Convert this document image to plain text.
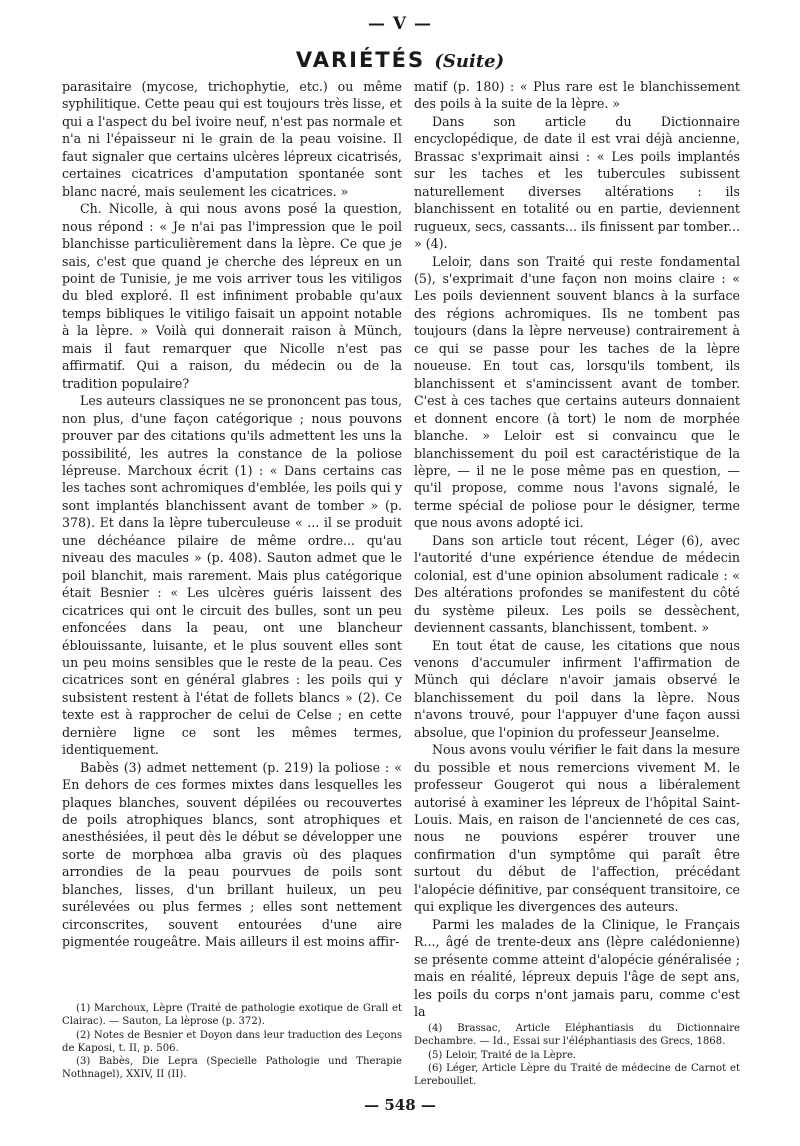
— V —
VARIÉTÉS (Suite)

parasitaire (mycose, trichophytie, etc.) ou même syphilitique. Cette peau qui est toujours très lisse, et qui a l'aspect du bel ivoire neuf, n'est pas normale et n'a ni l'épaisseur ni le grain de la peau voisine. Il faut signaler que certains ulcères lépreux cicatrisés, certaines cicatrices d'amputation spontanée sont blanc nacré, mais seulement les cicatrices. »

Ch. Nicolle, à qui nous avons posé la question, nous répond : « Je n'ai pas l'impression que le poil blanchisse particulièrement dans la lèpre. Ce que je sais, c'est que quand je cherche des lépreux en un point de Tunisie, je me vois arriver tous les vitiligos du bled exploré. Il est infiniment probable qu'aux temps bibliques le vitiligo faisait un appoint notable à la lèpre. » Voilà qui donnerait raison à Münch, mais il faut remarquer que Nicolle n'est pas affirmatif. Qui a raison, du médecin ou de la tradition populaire?

Les auteurs classiques ne se prononcent pas tous, non plus, d'une façon catégorique ; nous pouvons prouver par des citations qu'ils admettent les uns la possibilité, les autres la constance de la poliose lépreuse. Marchoux écrit (1) : « Dans certains cas les taches sont achromiques d'emblée, les poils qui y sont implantés blanchissent avant de tomber » (p. 378). Et dans la lèpre tuberculeuse « ... il se produit une déchéance pilaire de même ordre... qu'au niveau des macules » (p. 408). Sauton admet que le poil blanchit, mais rarement. Mais plus catégorique était Besnier : « Les ulcères guéris laissent des cicatrices qui ont le circuit des bulles, sont un peu enfoncées dans la peau, ont une blancheur éblouissante, luisante, et le plus souvent elles sont un peu moins sensibles que le reste de la peau. Ces cicatrices sont en général glabres : les poils qui y subsistent restent à l'état de follets blancs » (2). Ce texte est à rapprocher de celui de Celse ; en cette dernière ligne ce sont les mêmes termes, identiquement.

Babès (3) admet nettement (p. 219) la poliose : « En dehors de ces formes mixtes dans lesquelles les plaques blanches, souvent dépilées ou recouvertes de poils atrophiques blancs, sont atrophiques et anesthésiées, il peut dès le début se développer une sorte de morphœa alba gravis où des plaques arrondies de la peau pourvues de poils sont blanches, lisses, d'un brillant huileux, un peu surélevées ou plus fermes ; elles sont nettement circonscrites, souvent entourées d'une aire pigmentée rougeâtre. Mais ailleurs il est moins affir-

matif (p. 180) : « Plus rare est le blanchissement des poils à la suite de la lèpre. »

Dans son article du Dictionnaire encyclopédique, de date il est vrai déjà ancienne, Brassac s'exprimait ainsi : « Les poils implantés sur les taches et les tubercules subissent naturellement diverses altérations : ils blanchissent en totalité ou en partie, deviennent rugueux, secs, cassants... ils finissent par tomber... » (4).

Leloir, dans son Traité qui reste fondamental (5), s'exprimait d'une façon non moins claire : « Les poils deviennent souvent blancs à la surface des régions achromiques. Ils ne tombent pas toujours (dans la lèpre nerveuse) contrairement à ce qui se passe pour les taches de la lèpre noueuse. En tout cas, lorsqu'ils tombent, ils blanchissent et s'amincissent avant de tomber. C'est à ces taches que certains auteurs donnaient et donnent encore (à tort) le nom de morphée blanche. » Leloir est si convaincu que le blanchissement du poil est caractéristique de la lèpre, — il ne le pose même pas en question, — qu'il propose, comme nous l'avons signalé, le terme spécial de poliose pour le désigner, terme que nous avons adopté ici.

Dans son article tout récent, Léger (6), avec l'autorité d'une expérience étendue de médecin colonial, est d'une opinion absolument radicale : « Des altérations profondes se manifestent du côté du système pileux. Les poils se dessèchent, deviennent cassants, blanchissent, tombent. »

En tout état de cause, les citations que nous venons d'accumuler infirment l'affirmation de Münch qui déclare n'avoir jamais observé le blanchissement du poil dans la lèpre. Nous n'avons trouvé, pour l'appuyer d'une façon aussi absolue, que l'opinion du professeur Jeanselme.

Nous avons voulu vérifier le fait dans la mesure du possible et nous remercions vivement M. le professeur Gougerot qui nous a libéralement autorisé à examiner les lépreux de l'hôpital Saint-Louis. Mais, en raison de l'ancienneté de ces cas, nous ne pouvions espérer trouver une confirmation d'un symptôme qui paraît être surtout du début de l'affection, précédant l'alopécie définitive, par conséquent transitoire, ce qui explique les divergences des auteurs.

Parmi les malades de la Clinique, le Français R..., âgé de trente-deux ans (lèpre calédonienne) se présente comme atteint d'alopécie généralisée ; mais en réalité, lépreux depuis l'âge de sept ans, les poils du corps n'ont jamais paru, comme c'est la

(1) Marchoux, Lèpre (Traité de pathologie exotique de Grall et Clairac). — Sauton, La lèprose (p. 372).

(2) Notes de Besnier et Doyon dans leur traduction des Leçons de Kaposi, t. II, p. 506.

(3) Babès, Die Lepra (Specielle Pathologie und Therapie Nothnagel), XXIV, II (II).

(4) Brassac, Article Eléphantiasis du Dictionnaire Dechambre. — Id., Essai sur l'éléphantiasis des Grecs, 1868.

(5) Leloir, Traité de la Lèpre.

(6) Léger, Article Lèpre du Traité de médecine de Carnot et Lereboullet.

— 548 —
